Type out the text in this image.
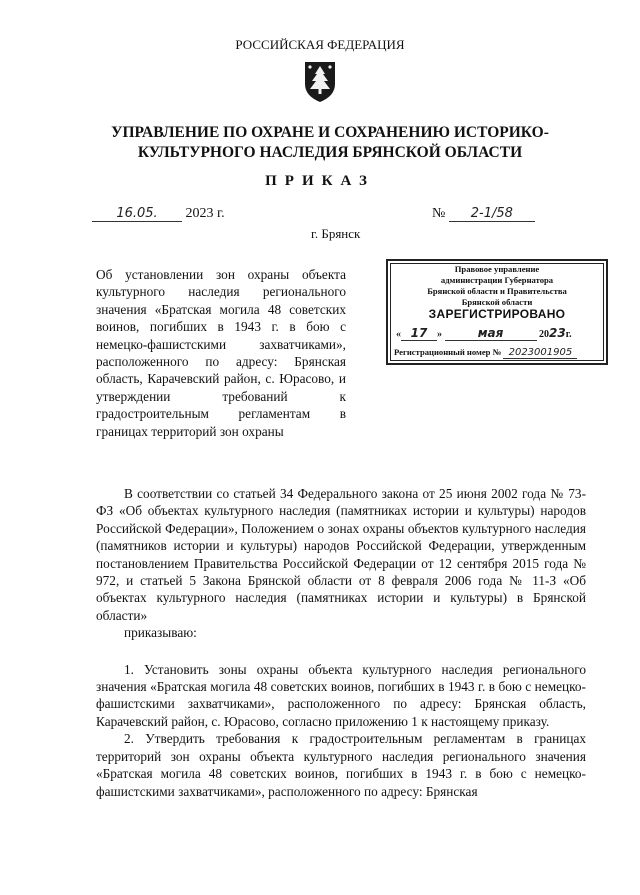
РОССИЙСКАЯ ФЕДЕРАЦИЯ
УПРАВЛЕНИЕ ПО ОХРАНЕ И СОХРАНЕНИЮ ИСТОРИКО-
КУЛЬТУРНОГО НАСЛЕДИЯ БРЯНСКОЙ ОБЛАСТИ
ПРИКАЗ
16.05. 2023 г.	№ 2-1/58
г. Брянск
Об установлении зон охраны объекта культурного наследия регионального значения «Братская могила 48 советских воинов, погибших в 1943 г. в бою с немецко-фашистскими захватчиками», расположенного по адресу: Брянская область, Карачевский район, с. Юрасово, и утверждении требований к градостроительным регламентам в границах территорий зон охраны
Правовое управление
администрации Губернатора
Брянской области и Правительства
Брянской области
ЗАРЕГИСТРИРОВАНО
« 17 »	мая	2023г.
Регистрационный номер № 2023001905

В соответствии со статьей 34 Федерального закона от 25 июня 2002 года № 73-ФЗ «Об объектах культурного наследия (памятниках истории и культуры) народов Российской Федерации», Положением о зонах охраны объектов культурного наследия (памятников истории и культуры) народов Российской Федерации, утвержденным постановлением Правительства Российской Федерации от 12 сентября 2015 года № 972, и статьей 5 Закона Брянской области от 8 февраля 2006 года № 11-З «Об объектах культурного наследия (памятниках истории и культуры) в Брянской области»

приказываю:

1. Установить зоны охраны объекта культурного наследия регионального значения «Братская могила 48 советских воинов, погибших в 1943 г. в бою с немецко-фашистскими захватчиками», расположенного по адресу: Брянская область, Карачевский район, с. Юрасово, согласно приложению 1 к настоящему приказу.

2. Утвердить требования к градостроительным регламентам в границах территорий зон охраны объекта культурного наследия регионального значения «Братская могила 48 советских воинов, погибших в 1943 г. в бою с немецко-фашистскими захватчиками», расположенного по адресу: Брянская
